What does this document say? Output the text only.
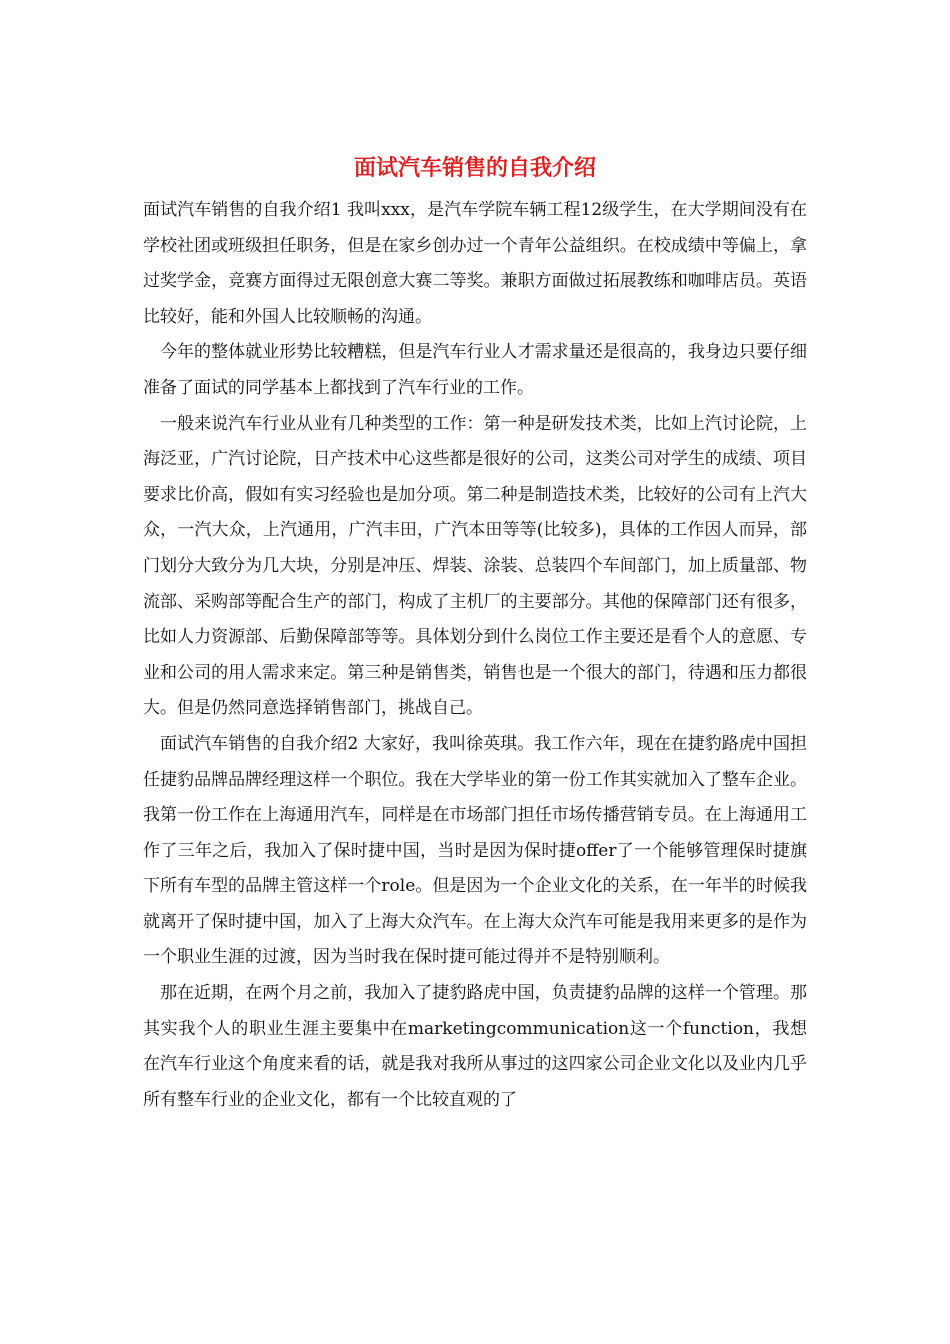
面试汽车销售的自我介绍

面试汽车销售的自我介绍1 我叫xxx，是汽车学院车辆工程12级学生，在大学期间没有在学校社团或班级担任职务，但是在家乡创办过一个青年公益组织。在校成绩中等偏上，拿过奖学金，竞赛方面得过无限创意大赛二等奖。兼职方面做过拓展教练和咖啡店员。英语比较好，能和外国人比较顺畅的沟通。

今年的整体就业形势比较糟糕，但是汽车行业人才需求量还是很高的，我身边只要仔细准备了面试的同学基本上都找到了汽车行业的工作。

一般来说汽车行业从业有几种类型的工作：第一种是研发技术类，比如上汽讨论院，上海泛亚，广汽讨论院，日产技术中心这些都是很好的公司，这类公司对学生的成绩、项目要求比价高，假如有实习经验也是加分项。第二种是制造技术类，比较好的公司有上汽大众，一汽大众，上汽通用，广汽丰田，广汽本田等等(比较多)，具体的工作因人而异，部门划分大致分为几大块，分别是冲压、焊装、涂装、总装四个车间部门，加上质量部、物流部、采购部等配合生产的部门，构成了主机厂的主要部分。其他的保障部门还有很多，比如人力资源部、后勤保障部等等。具体划分到什么岗位工作主要还是看个人的意愿、专业和公司的用人需求来定。第三种是销售类，销售也是一个很大的部门，待遇和压力都很大。但是仍然同意选择销售部门，挑战自己。

面试汽车销售的自我介绍2 大家好，我叫徐英琪。我工作六年，现在在捷豹路虎中国担任捷豹品牌品牌经理这样一个职位。我在大学毕业的第一份工作其实就加入了整车企业。我第一份工作在上海通用汽车，同样是在市场部门担任市场传播营销专员。在上海通用工作了三年之后，我加入了保时捷中国，当时是因为保时捷offer了一个能够管理保时捷旗下所有车型的品牌主管这样一个role。但是因为一个企业文化的关系，在一年半的时候我就离开了保时捷中国，加入了上海大众汽车。在上海大众汽车可能是我用来更多的是作为一个职业生涯的过渡，因为当时我在保时捷可能过得并不是特别顺利。

那在近期，在两个月之前，我加入了捷豹路虎中国，负责捷豹品牌的这样一个管理。那其实我个人的职业生涯主要集中在marketingcommunication这一个function，我想在汽车行业这个角度来看的话，就是我对我所从事过的这四家公司企业文化以及业内几乎所有整车行业的企业文化，都有一个比较直观的了
